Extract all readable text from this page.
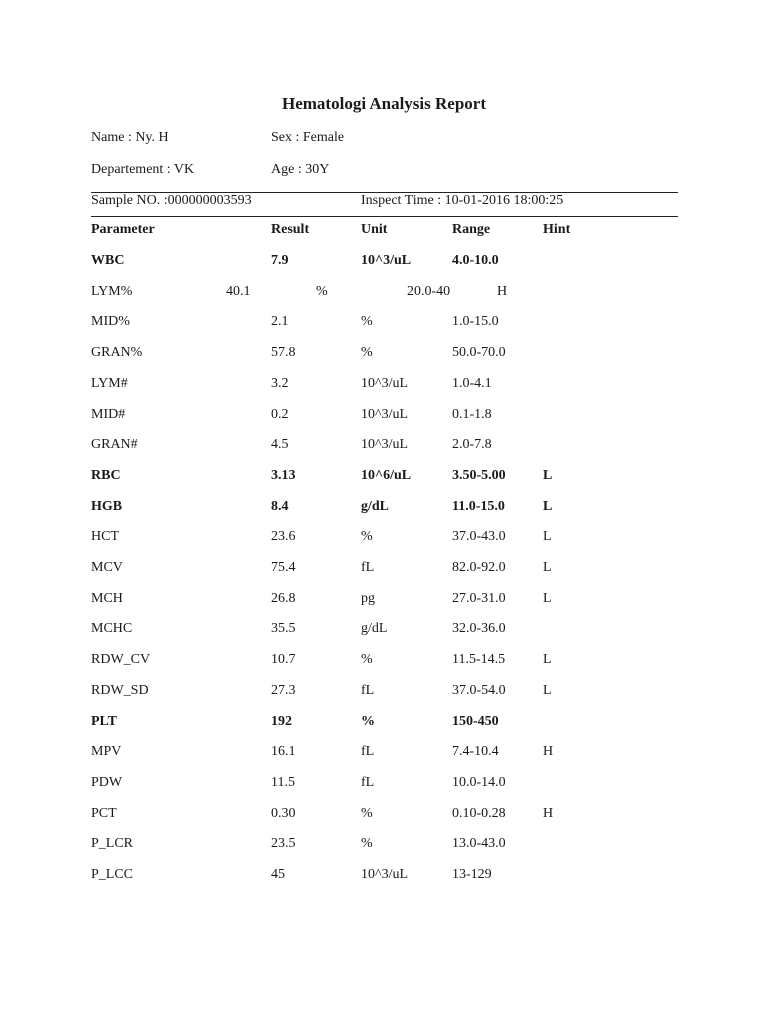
Hematologi Analysis Report
Name : Ny. H	Sex : Female
Departement : VK	Age : 30Y
Sample NO. :000000003593	Inspect Time : 10-01-2016 18:00:25
Parameter	Result	Unit	Range	Hint
WBC	7.9	10^3/uL	4.0-10.0
LYM%	40.1	%	20.0-40	H
MID%	2.1	%	1.0-15.0
GRAN%	57.8	%	50.0-70.0
LYM#	3.2	10^3/uL	1.0-4.1
MID#	0.2	10^3/uL	0.1-1.8
GRAN#	4.5	10^3/uL	2.0-7.8
RBC	3.13	10^6/uL	3.50-5.00	L
HGB	8.4	g/dL	11.0-15.0	L
HCT	23.6	%	37.0-43.0	L
MCV	75.4	fL	82.0-92.0	L
MCH	26.8	pg	27.0-31.0	L
MCHC	35.5	g/dL	32.0-36.0
RDW_CV	10.7	%	11.5-14.5	L
RDW_SD	27.3	fL	37.0-54.0	L
PLT	192	%	150-450
MPV	16.1	fL	7.4-10.4	H
PDW	11.5	fL	10.0-14.0
PCT	0.30	%	0.10-0.28	H
P_LCR	23.5	%	13.0-43.0
P_LCC	45	10^3/uL	13-129
